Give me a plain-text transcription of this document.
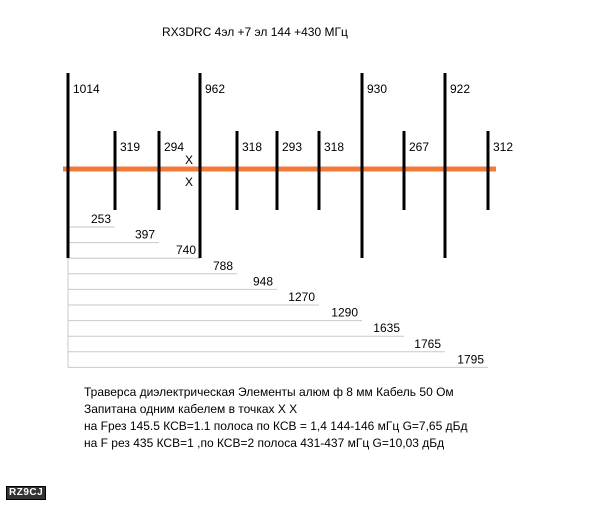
RX3DRC 4эл +7 эл 144 +430 МГц
253
397
740
788
948
1270
1290
1635
1765
1795
1014
319 294
962
318 293 318
930
267
922
312
X
X
Траверса диэлектрическая Элементы алюм ф 8 мм Кабель 50 Ом
Запитана одним кабелем в точках Х Х
на Fрез 145.5 КСВ=1.1 полоса по КСВ = 1,4 144-146 мГц G=7,65 дБд
на F рез 435 КСВ=1 ,по КСВ=2 полоса 431-437 мГц G=10,03 дБд
RZ9CJ
